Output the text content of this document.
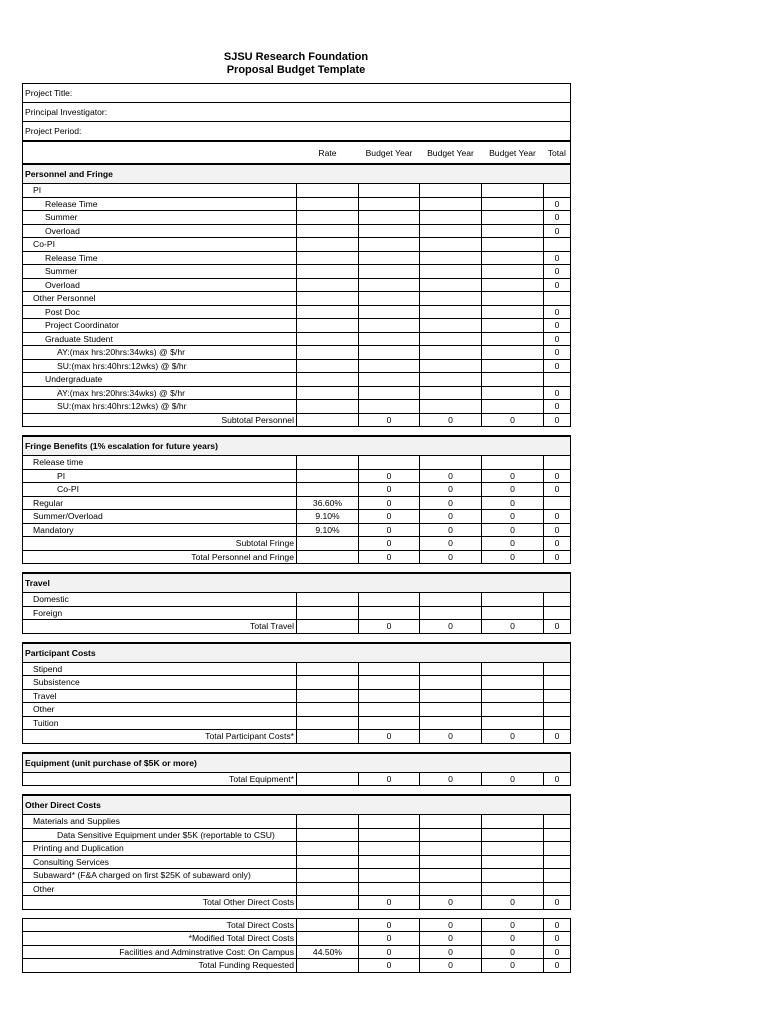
SJSU Research Foundation
Proposal Budget Template
Project Title:					
Principal Investigator:					
Project Period:					
	Rate	Budget Year	Budget Year	Budget Year	Total
Personnel and Fringe					
PI					
Release Time					0
Summer					0
Overload					0
Co-PI					
Release Time					0
Summer					0
Overload					0
Other Personnel					
Post Doc					0
Project Coordinator					0
Graduate Student					0
AY:(max hrs:20hrs:34wks) @ $/hr					0
SU:(max hrs:40hrs:12wks) @ $/hr					0
Undergraduate					
AY:(max hrs:20hrs:34wks) @ $/hr					0
SU:(max hrs:40hrs:12wks) @ $/hr					0
Subtotal Personnel		0	0	0	0

Fringe Benefits (1% escalation for future years)					
Release time					
PI		0	0	0	0
Co-PI		0	0	0	0
Regular	36.60%	0	0	0	
Summer/Overload	9.10%	0	0	0	0
Mandatory	9.10%	0	0	0	0
Subtotal Fringe		0	0	0	0
Total Personnel and Fringe		0	0	0	0

Travel					
Domestic					
Foreign					
Total Travel		0	0	0	0

Participant Costs					
Stipend					
Subsistence					
Travel					
Other					
Tuition					
Total Participant Costs*		0	0	0	0

Equipment (unit purchase of $5K or more)					
Total Equipment*		0	0	0	0

Other Direct Costs					
Materials and Supplies					
Data Sensitive Equipment under $5K (reportable to CSU)					
Printing and Duplication					
Consulting Services					
Subaward* (F&A charged on first $25K of subaward only)					
Other					
Total Other Direct Costs		0	0	0	0

Total Direct Costs		0	0	0	0
*Modified Total Direct Costs		0	0	0	0
Facilities and Adminstrative Cost: On Campus	44.50%	0	0	0	0
Total Funding Requested		0	0	0	0
